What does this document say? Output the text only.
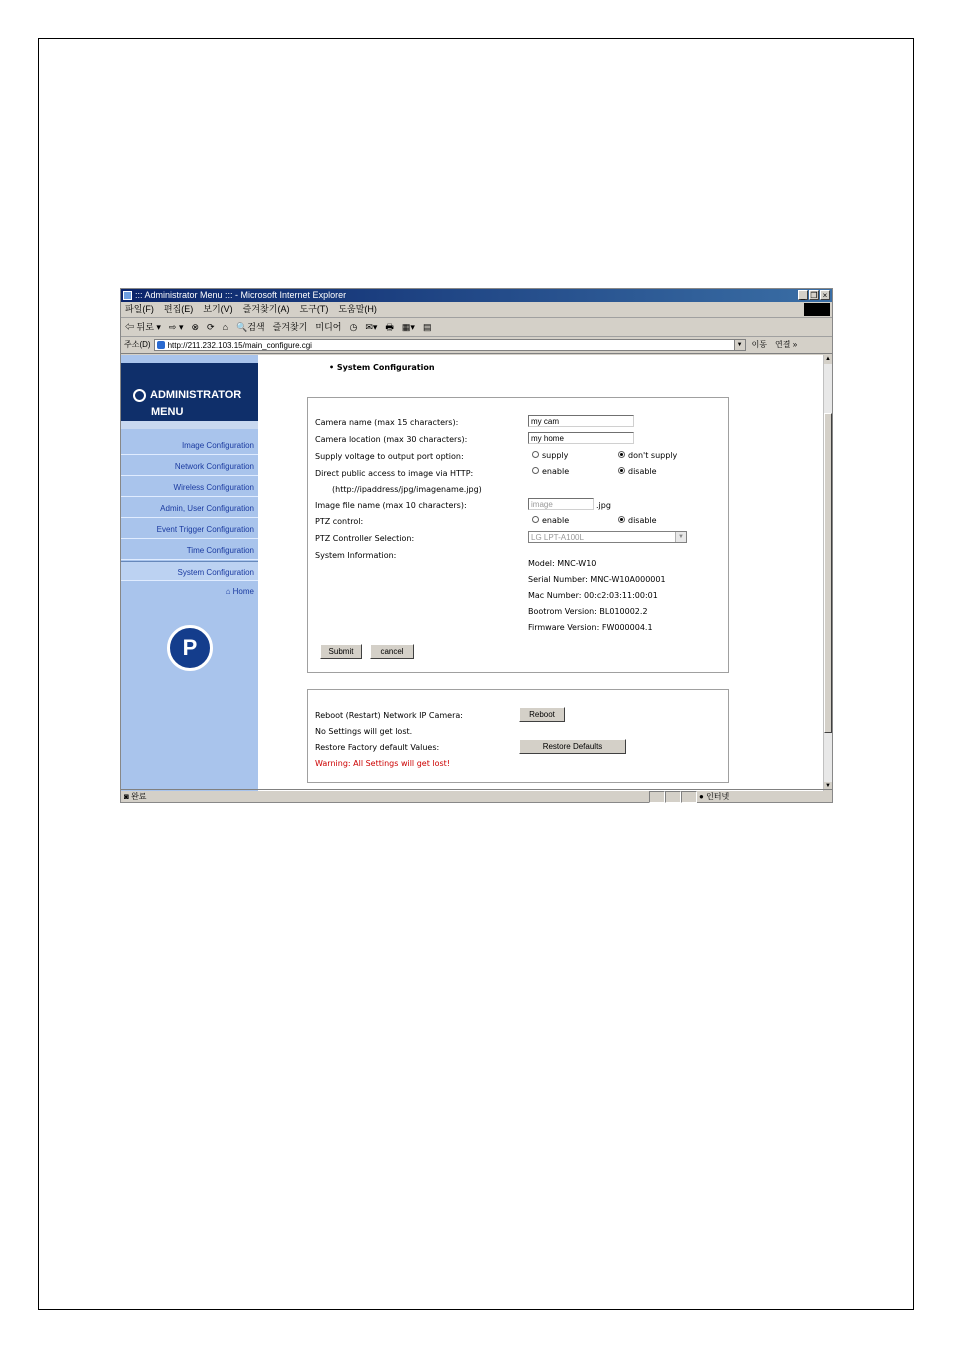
::: Administrator Menu ::: - Microsoft Internet Explorer	_ ❐ ×
파일(F) 편집(E) 보기(V) 즐겨찾기(A) 도구(T) 도움말(H)
⇦ 뒤로 ▾ ⇨ ▾ ⊗ ⟳ ⌂ 🔍검색 즐겨찾기 미디어 ◷ ✉▾ 🖶 ▦▾ ▤
주소(D)	http://211.232.103.15/main_configure.cgi	▼ 이동 연결 »
ADMINISTRATOR
MENU
Image Configuration
Network Configuration
Wireless Configuration
Admin, User Configuration
Event Trigger Configuration
Time Configuration
System Configuration
⌂ Home
P
• System Configuration
Camera name (max 15 characters):	my cam
Camera location (max 30 characters):	my home
Supply voltage to output port option:	supply	don't supply
Direct public access to image via HTTP:	enable	disable
(http://ipaddress/jpg/imagename.jpg)
Image file name (max 10 characters):	image	.jpg
PTZ control:	enable	disable
PTZ Controller Selection:	LG LPT-A100L	▼
System Information:
Model: MNC-W10
Serial Number: MNC-W10A000001
Mac Number: 00:c2:03:11:00:01
Bootrom Version: BL010002.2
Firmware Version: FW000004.1
Submit	cancel
Reboot (Restart) Network IP Camera:	Reboot
No Settings will get lost.
Restore Factory default Values:	Restore Defaults
Warning: All Settings will get lost!
▲
▼
◙ 완료	● 인터넷
